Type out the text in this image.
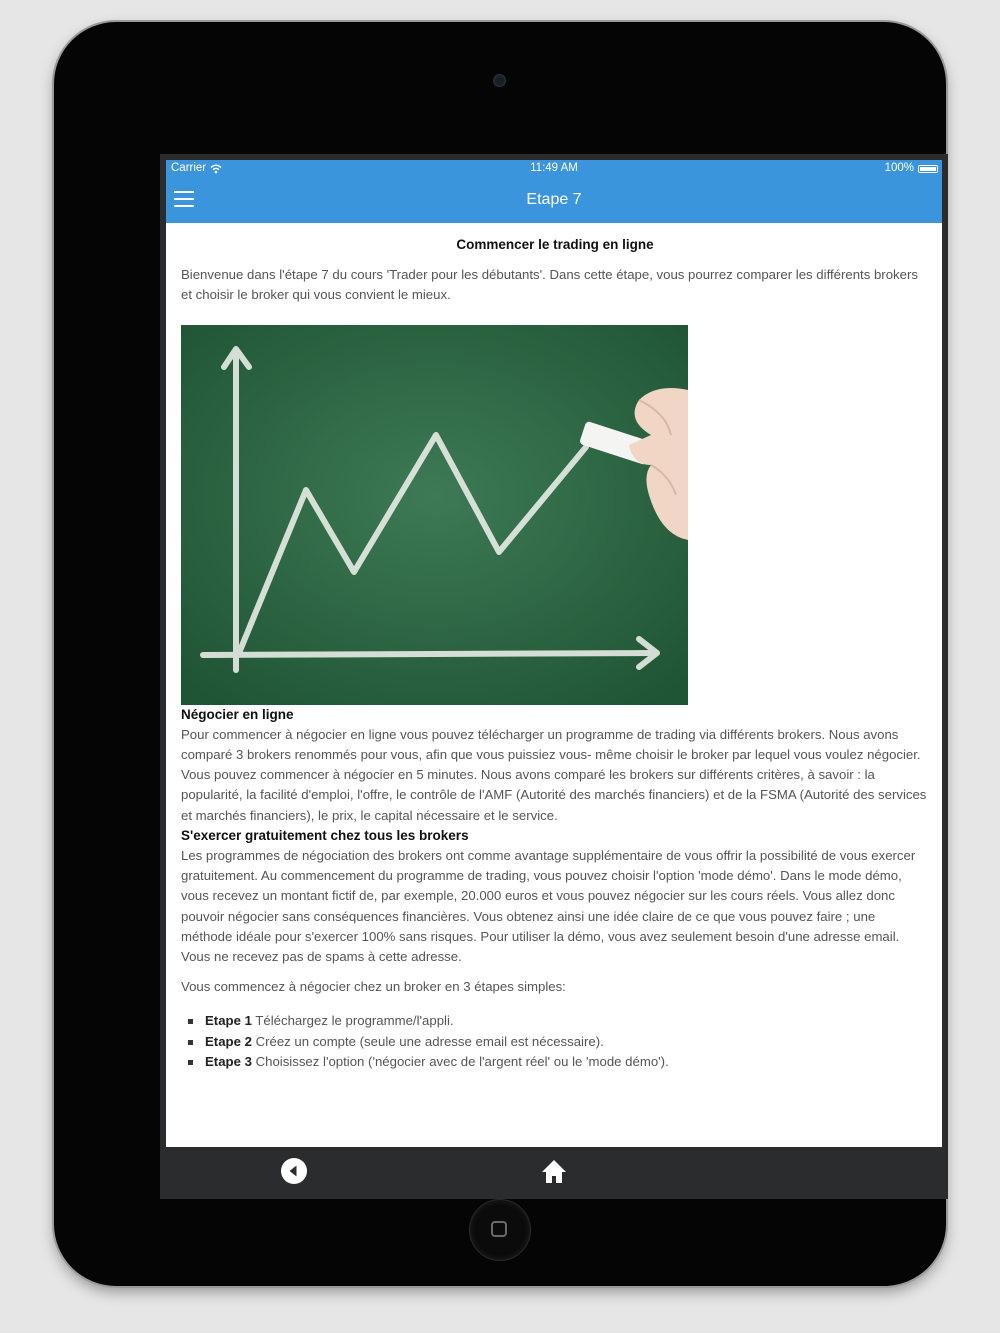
Carrier	11:49 AM	100%
Etape 7
Commencer le trading en ligne

Bienvenue dans l'étape 7 du cours 'Trader pour les débutants'. Dans cette étape, vous pourrez comparer les différents brokers et choisir le broker qui vous convient le mieux.

Négocier en ligne

Pour commencer à négocier en ligne vous pouvez télécharger un programme de trading via différents brokers. Nous avons comparé 3 brokers renommés pour vous, afin que vous puissiez vous- même choisir le broker par lequel vous voulez négocier. Vous pouvez commencer à négocier en 5 minutes. Nous avons comparé les brokers sur différents critères, à savoir : la popularité, la facilité d'emploi, l'offre, le contrôle de l'AMF (Autorité des marchés financiers) et de la FSMA (Autorité des services et marchés financiers), le prix, le capital nécessaire et le service.

S'exercer gratuitement chez tous les brokers

Les programmes de négociation des brokers ont comme avantage supplémentaire de vous offrir la possibilité de vous exercer gratuitement. Au commencement du programme de trading, vous pouvez choisir l'option 'mode démo'. Dans le mode démo, vous recevez un montant fictif de, par exemple, 20.000 euros et vous pouvez négocier sur les cours réels. Vous allez donc pouvoir négocier sans conséquences financières. Vous obtenez ainsi une idée claire de ce que vous pouvez faire ; une méthode idéale pour s'exercer 100% sans risques. Pour utiliser la démo, vous avez seulement besoin d'une adresse email. Vous ne recevez pas de spams à cette adresse.

Vous commencez à négocier chez un broker en 3 étapes simples:

Etape 1 Téléchargez le programme/l'appli.
Etape 2 Créez un compte (seule une adresse email est nécessaire).
Etape 3 Choisissez l'option ('négocier avec de l'argent réel' ou le 'mode démo').
